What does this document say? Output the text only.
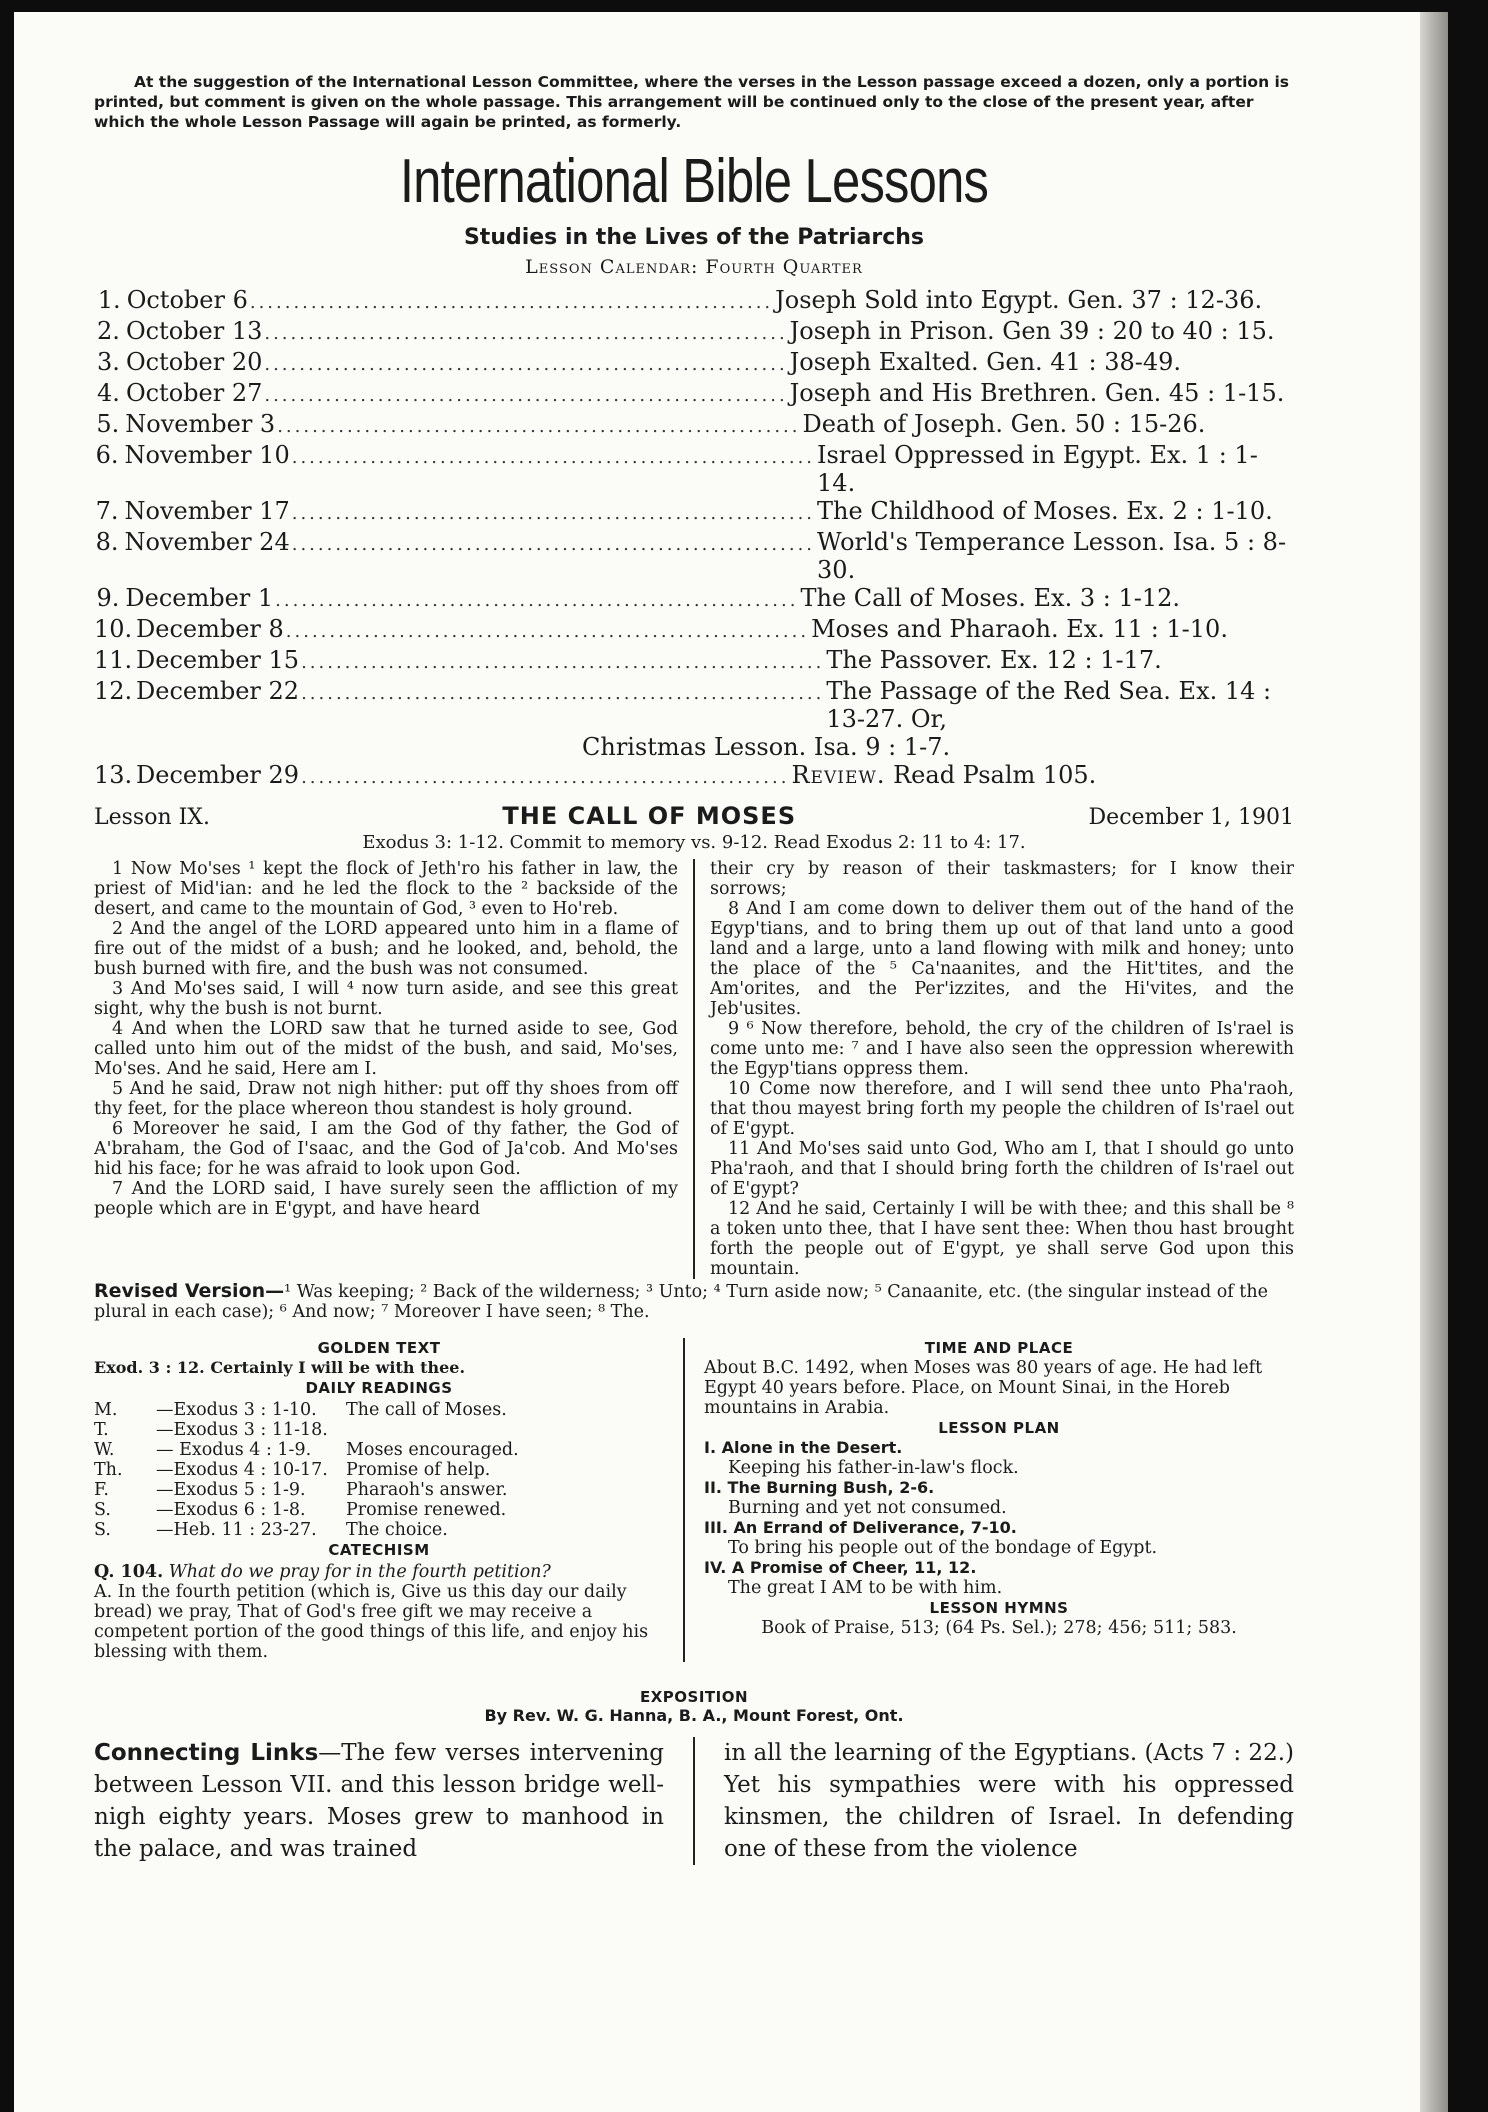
At the suggestion of the International Lesson Committee, where the verses in the Lesson passage exceed a dozen, only a portion is printed, but comment is given on the whole passage. This arrangement will be continued only to the close of the present year, after which the whole Lesson Passage will again be printed, as formerly.

International Bible Lessons
Studies in the Lives of the Patriarchs
Lesson Calendar: Fourth Quarter
1. October 6 ............................................................ Joseph Sold into Egypt. Gen. 37 : 12-36.
2. October 13 ............................................................ Joseph in Prison. Gen 39 : 20 to 40 : 15.
3. October 20 ............................................................ Joseph Exalted. Gen. 41 : 38-49.
4. October 27 ............................................................ Joseph and His Brethren. Gen. 45 : 1-15.
5. November 3 ............................................................ Death of Joseph. Gen. 50 : 15-26.
6. November 10 ............................................................ Israel Oppressed in Egypt. Ex. 1 : 1-14.
7. November 17 ............................................................ The Childhood of Moses. Ex. 2 : 1-10.
8. November 24 ............................................................ World's Temperance Lesson. Isa. 5 : 8-30.
9. December 1 ............................................................ The Call of Moses. Ex. 3 : 1-12.
10. December 8 ............................................................ Moses and Pharaoh. Ex. 11 : 1-10.
11. December 15 ............................................................ The Passover. Ex. 12 : 1-17.
12. December 22 ............................................................ The Passage of the Red Sea. Ex. 14 : 13-27. Or,
Christmas Lesson. Isa. 9 : 1-7.
13. December 29 ........................................................ Review. Read Psalm 105.
Lesson IX.	THE CALL OF MOSES	December 1, 1901
Exodus 3: 1-12. Commit to memory vs. 9-12. Read Exodus 2: 11 to 4: 17.

1 Now Mo'ses ¹ kept the flock of Jeth'ro his father in law, the priest of Mid'ian: and he led the flock to the ² backside of the desert, and came to the mountain of God, ³ even to Ho'reb.

2 And the angel of the LORD appeared unto him in a flame of fire out of the midst of a bush; and he looked, and, behold, the bush burned with fire, and the bush was not consumed.

3 And Mo'ses said, I will ⁴ now turn aside, and see this great sight, why the bush is not burnt.

4 And when the LORD saw that he turned aside to see, God called unto him out of the midst of the bush, and said, Mo'ses, Mo'ses. And he said, Here am I.

5 And he said, Draw not nigh hither: put off thy shoes from off thy feet, for the place whereon thou standest is holy ground.

6 Moreover he said, I am the God of thy father, the God of A'braham, the God of I'saac, and the God of Ja'cob. And Mo'ses hid his face; for he was afraid to look upon God.

7 And the LORD said, I have surely seen the affliction of my people which are in E'gypt, and have heard

their cry by reason of their taskmasters; for I know their sorrows;

8 And I am come down to deliver them out of the hand of the Egyp'tians, and to bring them up out of that land unto a good land and a large, unto a land flowing with milk and honey; unto the place of the ⁵ Ca'naanites, and the Hit'tites, and the Am'orites, and the Per'izzites, and the Hi'vites, and the Jeb'usites.

9 ⁶ Now therefore, behold, the cry of the children of Is'rael is come unto me: ⁷ and I have also seen the oppression wherewith the Egyp'tians oppress them.

10 Come now therefore, and I will send thee unto Pha'raoh, that thou mayest bring forth my people the children of Is'rael out of E'gypt.

11 And Mo'ses said unto God, Who am I, that I should go unto Pha'raoh, and that I should bring forth the children of Is'rael out of E'gypt?

12 And he said, Certainly I will be with thee; and this shall be ⁸ a token unto thee, that I have sent thee: When thou hast brought forth the people out of E'gypt, ye shall serve God upon this mountain.

Revised Version—¹ Was keeping; ² Back of the wilderness; ³ Unto; ⁴ Turn aside now; ⁵ Canaanite, etc. (the singular instead of the plural in each case); ⁶ And now; ⁷ Moreover I have seen; ⁸ The.
GOLDEN TEXT
Exod. 3 : 12. Certainly I will be with thee.
DAILY READINGS
M.	—Exodus 3 : 1-10.	The call of Moses.
T.	—Exodus 3 : 11-18.
W.	— Exodus 4 : 1-9.	Moses encouraged.
Th.	—Exodus 4 : 10-17.	Promise of help.
F.	—Exodus 5 : 1-9.	Pharaoh's answer.
S.	—Exodus 6 : 1-8.	Promise renewed.
S.	—Heb. 11 : 23-27.	The choice.
CATECHISM
Q. 104. What do we pray for in the fourth petition?
A. In the fourth petition (which is, Give us this day our daily bread) we pray, That of God's free gift we may receive a competent portion of the good things of this life, and enjoy his blessing with them.
TIME AND PLACE
About B.C. 1492, when Moses was 80 years of age. He had left Egypt 40 years before. Place, on Mount Sinai, in the Horeb mountains in Arabia.
LESSON PLAN
I. Alone in the Desert.
Keeping his father-in-law's flock.
II. The Burning Bush, 2-6.
Burning and yet not consumed.
III. An Errand of Deliverance, 7-10.
To bring his people out of the bondage of Egypt.
IV. A Promise of Cheer, 11, 12.
The great I AM to be with him.
LESSON HYMNS
Book of Praise, 513; (64 Ps. Sel.); 278; 456; 511; 583.
EXPOSITION
By Rev. W. G. Hanna, B. A., Mount Forest, Ont.
Connecting Links—The few verses intervening between Lesson VII. and this lesson bridge well-nigh eighty years. Moses grew to manhood in the palace, and was trained
in all the learning of the Egyptians. (Acts 7 : 22.) Yet his sympathies were with his oppressed kinsmen, the children of Israel. In defending one of these from the violence
